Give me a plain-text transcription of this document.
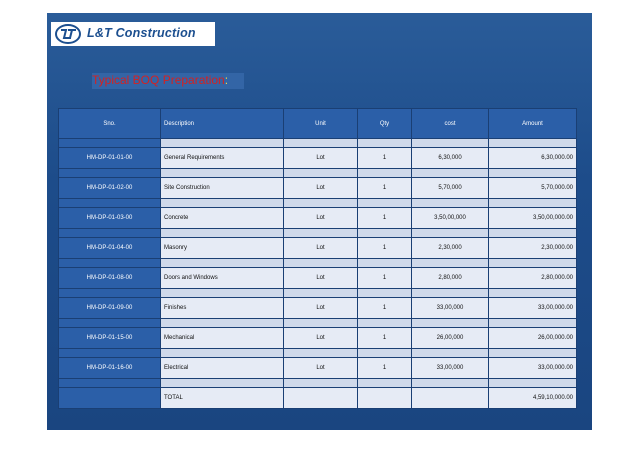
L&T Construction
Typical BOQ Preparation:
Sno.	Description	Unit	Qty	cost	Amount

HM-DP-01-01-00	General Requirements	Lot	1	6,30,000	6,30,000.00

HM-DP-01-02-00	Site Construction	Lot	1	5,70,000	5,70,000.00

HM-DP-01-03-00	Concrete	Lot	1	3,50,00,000	3,50,00,000.00

HM-DP-01-04-00	Masonry	Lot	1	2,30,000	2,30,000.00

HM-DP-01-08-00	Doors and Windows	Lot	1	2,80,000	2,80,000.00

HM-DP-01-09-00	Finishes	Lot	1	33,00,000	33,00,000.00

HM-DP-01-15-00	Mechanical	Lot	1	26,00,000	26,00,000.00

HM-DP-01-16-00	Electrical	Lot	1	33,00,000	33,00,000.00

	TOTAL				4,59,10,000.00
